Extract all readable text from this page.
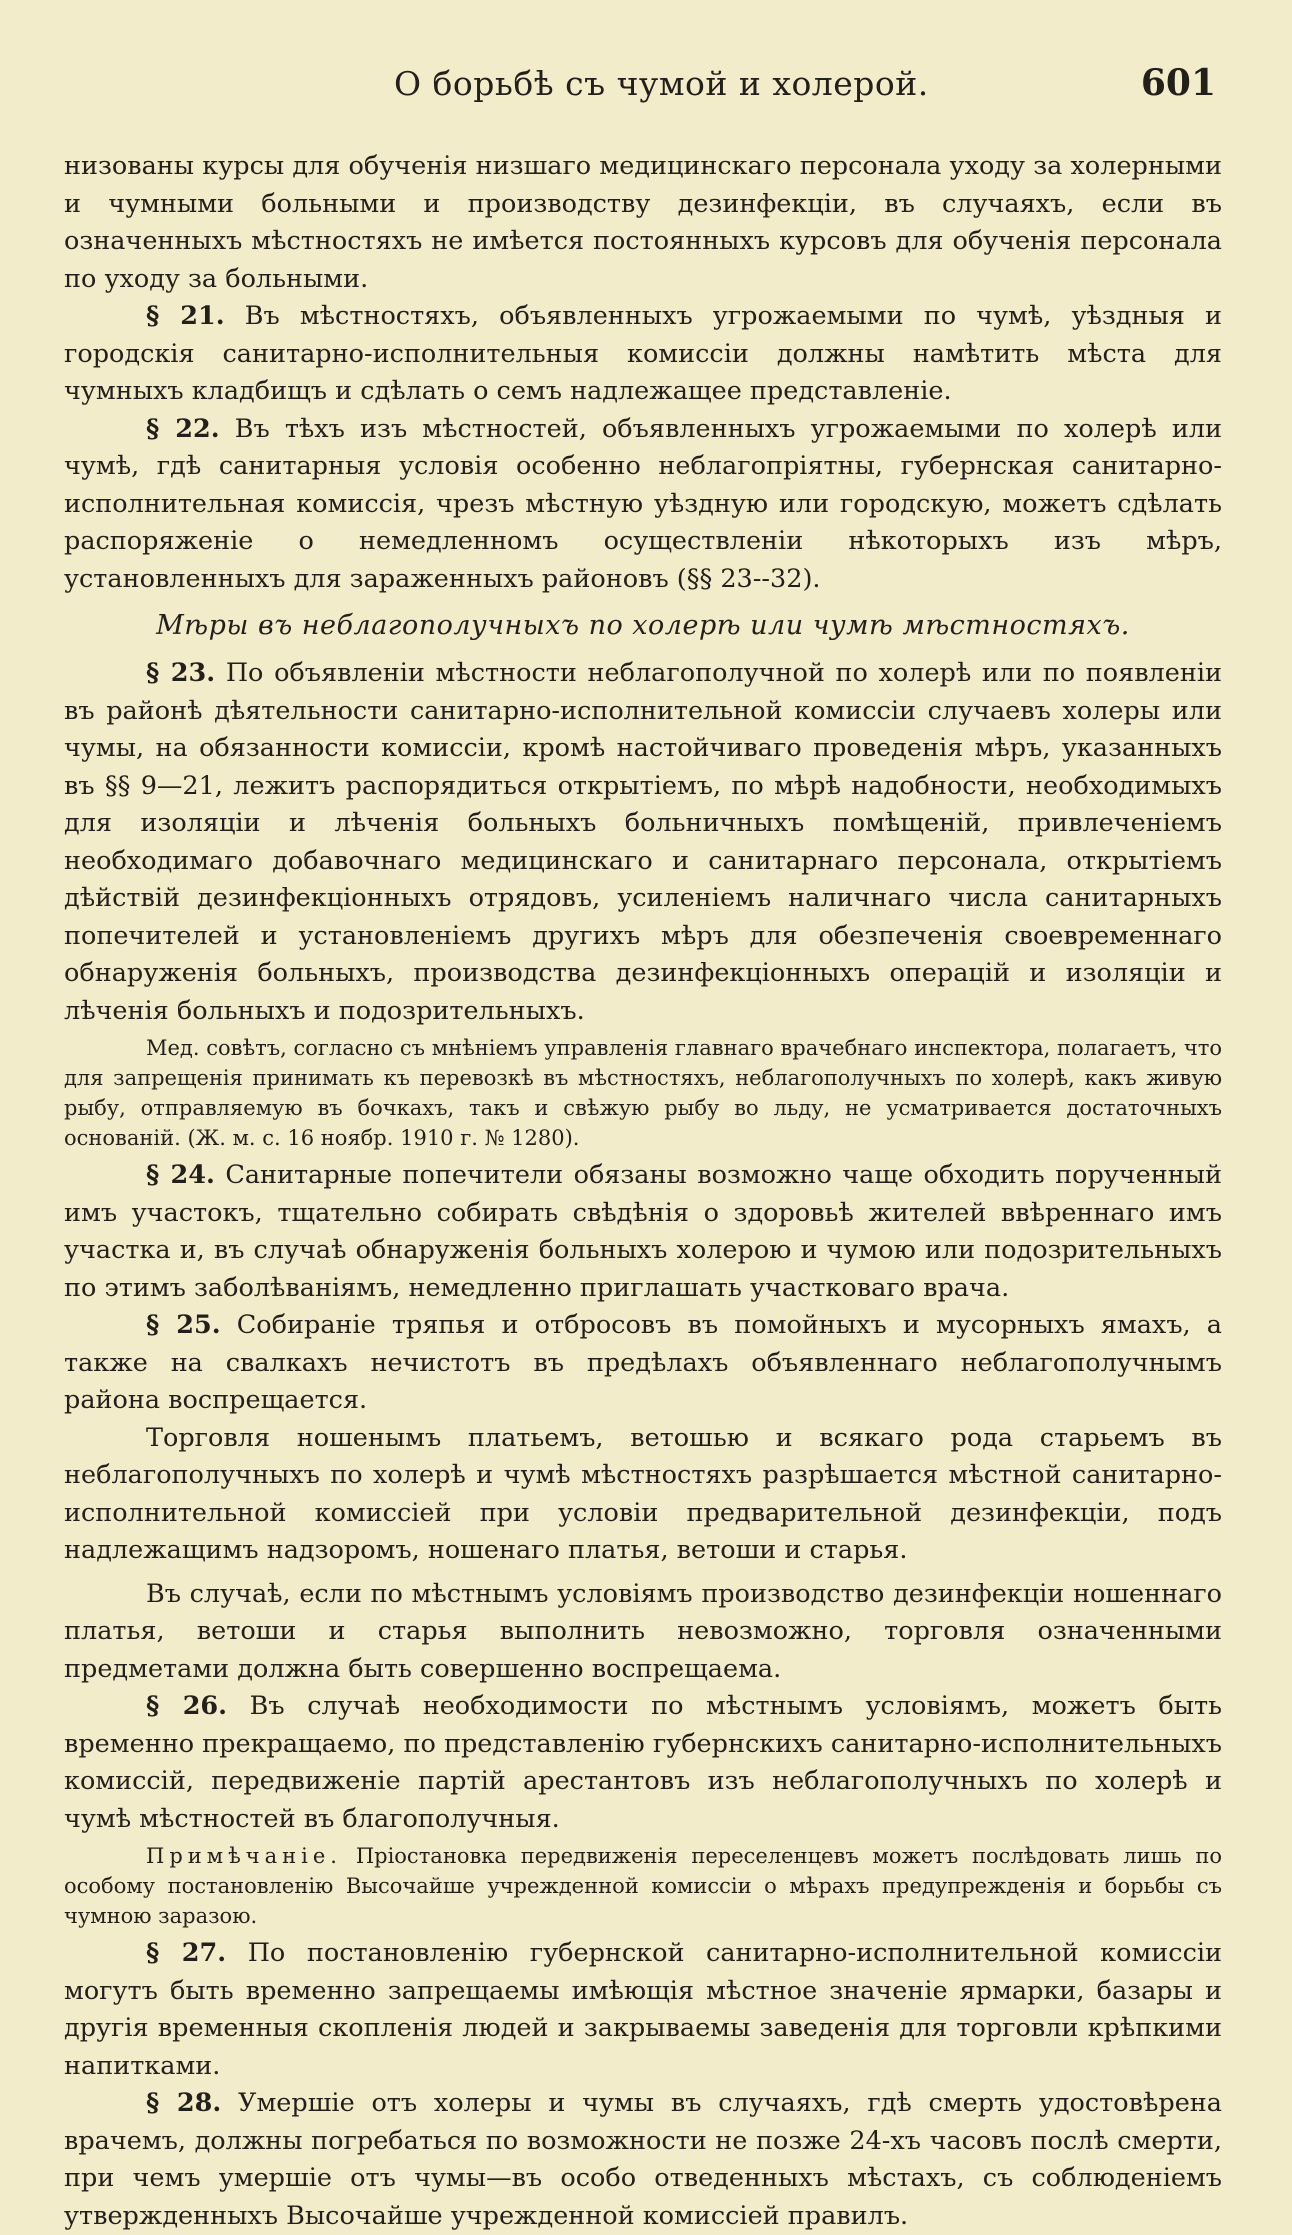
О борьбѣ съ чумой и холерой.	601

низованы курсы для обученія низшаго медицинскаго персонала уходу за холерными и чумными больными и производству дезинфекціи, въ случаяхъ, если въ означенныхъ мѣстностяхъ не имѣется постоянныхъ курсовъ для обученія персонала по уходу за больными.

§ 21. Въ мѣстностяхъ, объявленныхъ угрожаемыми по чумѣ, уѣздныя и городскія санитарно-исполнительныя комиссіи должны намѣтить мѣста для чумныхъ кладбищъ и сдѣлать о семъ надлежащее представленіе.

§ 22. Въ тѣхъ изъ мѣстностей, объявленныхъ угрожаемыми по холерѣ или чумѣ, гдѣ санитарныя условія особенно неблагопріятны, губернская санитарно-исполнительная комиссія, чрезъ мѣстную уѣздную или городскую, можетъ сдѣлать распоряженіе о немедленномъ осуществленіи нѣкоторыхъ изъ мѣръ, установленныхъ для зараженныхъ районовъ (§§ 23--32).

Мѣры въ неблагополучныхъ по холерѣ или чумѣ мѣстностяхъ.

§ 23. По объявленіи мѣстности неблагополучной по холерѣ или по появленіи въ районѣ дѣятельности санитарно-исполнительной комиссіи случаевъ холеры или чумы, на обязанности комиссіи, кромѣ настойчиваго проведенія мѣръ, указанныхъ въ §§ 9—21, лежитъ распорядиться открытіемъ, по мѣрѣ надобности, необходимыхъ для изоляціи и лѣченія больныхъ больничныхъ помѣщеній, привлеченіемъ необходимаго добавочнаго медицинскаго и санитарнаго персонала, открытіемъ дѣйствій дезинфекціонныхъ отрядовъ, усиленіемъ наличнаго числа санитарныхъ попечителей и установленіемъ другихъ мѣръ для обезпеченія своевременнаго обнаруженія больныхъ, производства дезинфекціонныхъ операцій и изоляціи и лѣченія больныхъ и подозрительныхъ.

Мед. совѣтъ, согласно съ мнѣніемъ управленія главнаго врачебнаго инспектора, полагаетъ, что для запрещенія принимать къ перевозкѣ въ мѣстностяхъ, неблагополучныхъ по холерѣ, какъ живую рыбу, отправляемую въ бочкахъ, такъ и свѣжую рыбу во льду, не усматривается достаточныхъ основаній. (Ж. м. с. 16 ноябр. 1910 г. № 1280).

§ 24. Санитарные попечители обязаны возможно чаще обходить порученный имъ участокъ, тщательно собирать свѣдѣнія о здоровьѣ жителей ввѣреннаго имъ участка и, въ случаѣ обнаруженія больныхъ холерою и чумою или подозрительныхъ по этимъ заболѣваніямъ, немедленно приглашать участковаго врача.

§ 25. Собираніе тряпья и отбросовъ въ помойныхъ и мусорныхъ ямахъ, а также на свалкахъ нечистотъ въ предѣлахъ объявленнаго неблагополучнымъ района воспрещается.

Торговля ношенымъ платьемъ, ветошью и всякаго рода старьемъ въ неблагополучныхъ по холерѣ и чумѣ мѣстностяхъ разрѣшается мѣстной санитарно-исполнительной комиссіей при условіи предварительной дезинфекціи, подъ надлежащимъ надзоромъ, ношенаго платья, ветоши и старья.

Въ случаѣ, если по мѣстнымъ условіямъ производство дезинфекціи ношеннаго платья, ветоши и старья выполнить невозможно, торговля означенными предметами должна быть совершенно воспрещаема.

§ 26. Въ случаѣ необходимости по мѣстнымъ условіямъ, можетъ быть временно прекращаемо, по представленію губернскихъ санитарно-исполнительныхъ комиссій, передвиженіе партій арестантовъ изъ неблагополучныхъ по холерѣ и чумѣ мѣстностей въ благополучныя.

Примѣчаніе. Пріостановка передвиженія переселенцевъ можетъ послѣдовать лишь по особому постановленію Высочайше учрежденной комиссіи о мѣрахъ предупрежденія и борьбы съ чумною заразою.

§ 27. По постановленію губернской санитарно-исполнительной комиссіи могутъ быть временно запрещаемы имѣющія мѣстное значеніе ярмарки, базары и другія временныя скопленія людей и закрываемы заведенія для торговли крѣпкими напитками.

§ 28. Умершіе отъ холеры и чумы въ случаяхъ, гдѣ смерть удостовѣрена врачемъ, должны погребаться по возможности не позже 24-хъ часовъ послѣ смерти, при чемъ умершіе отъ чумы—въ особо отведенныхъ мѣстахъ, съ соблюденіемъ утвержденныхъ Высочайше учрежденной комиссіей правилъ.
